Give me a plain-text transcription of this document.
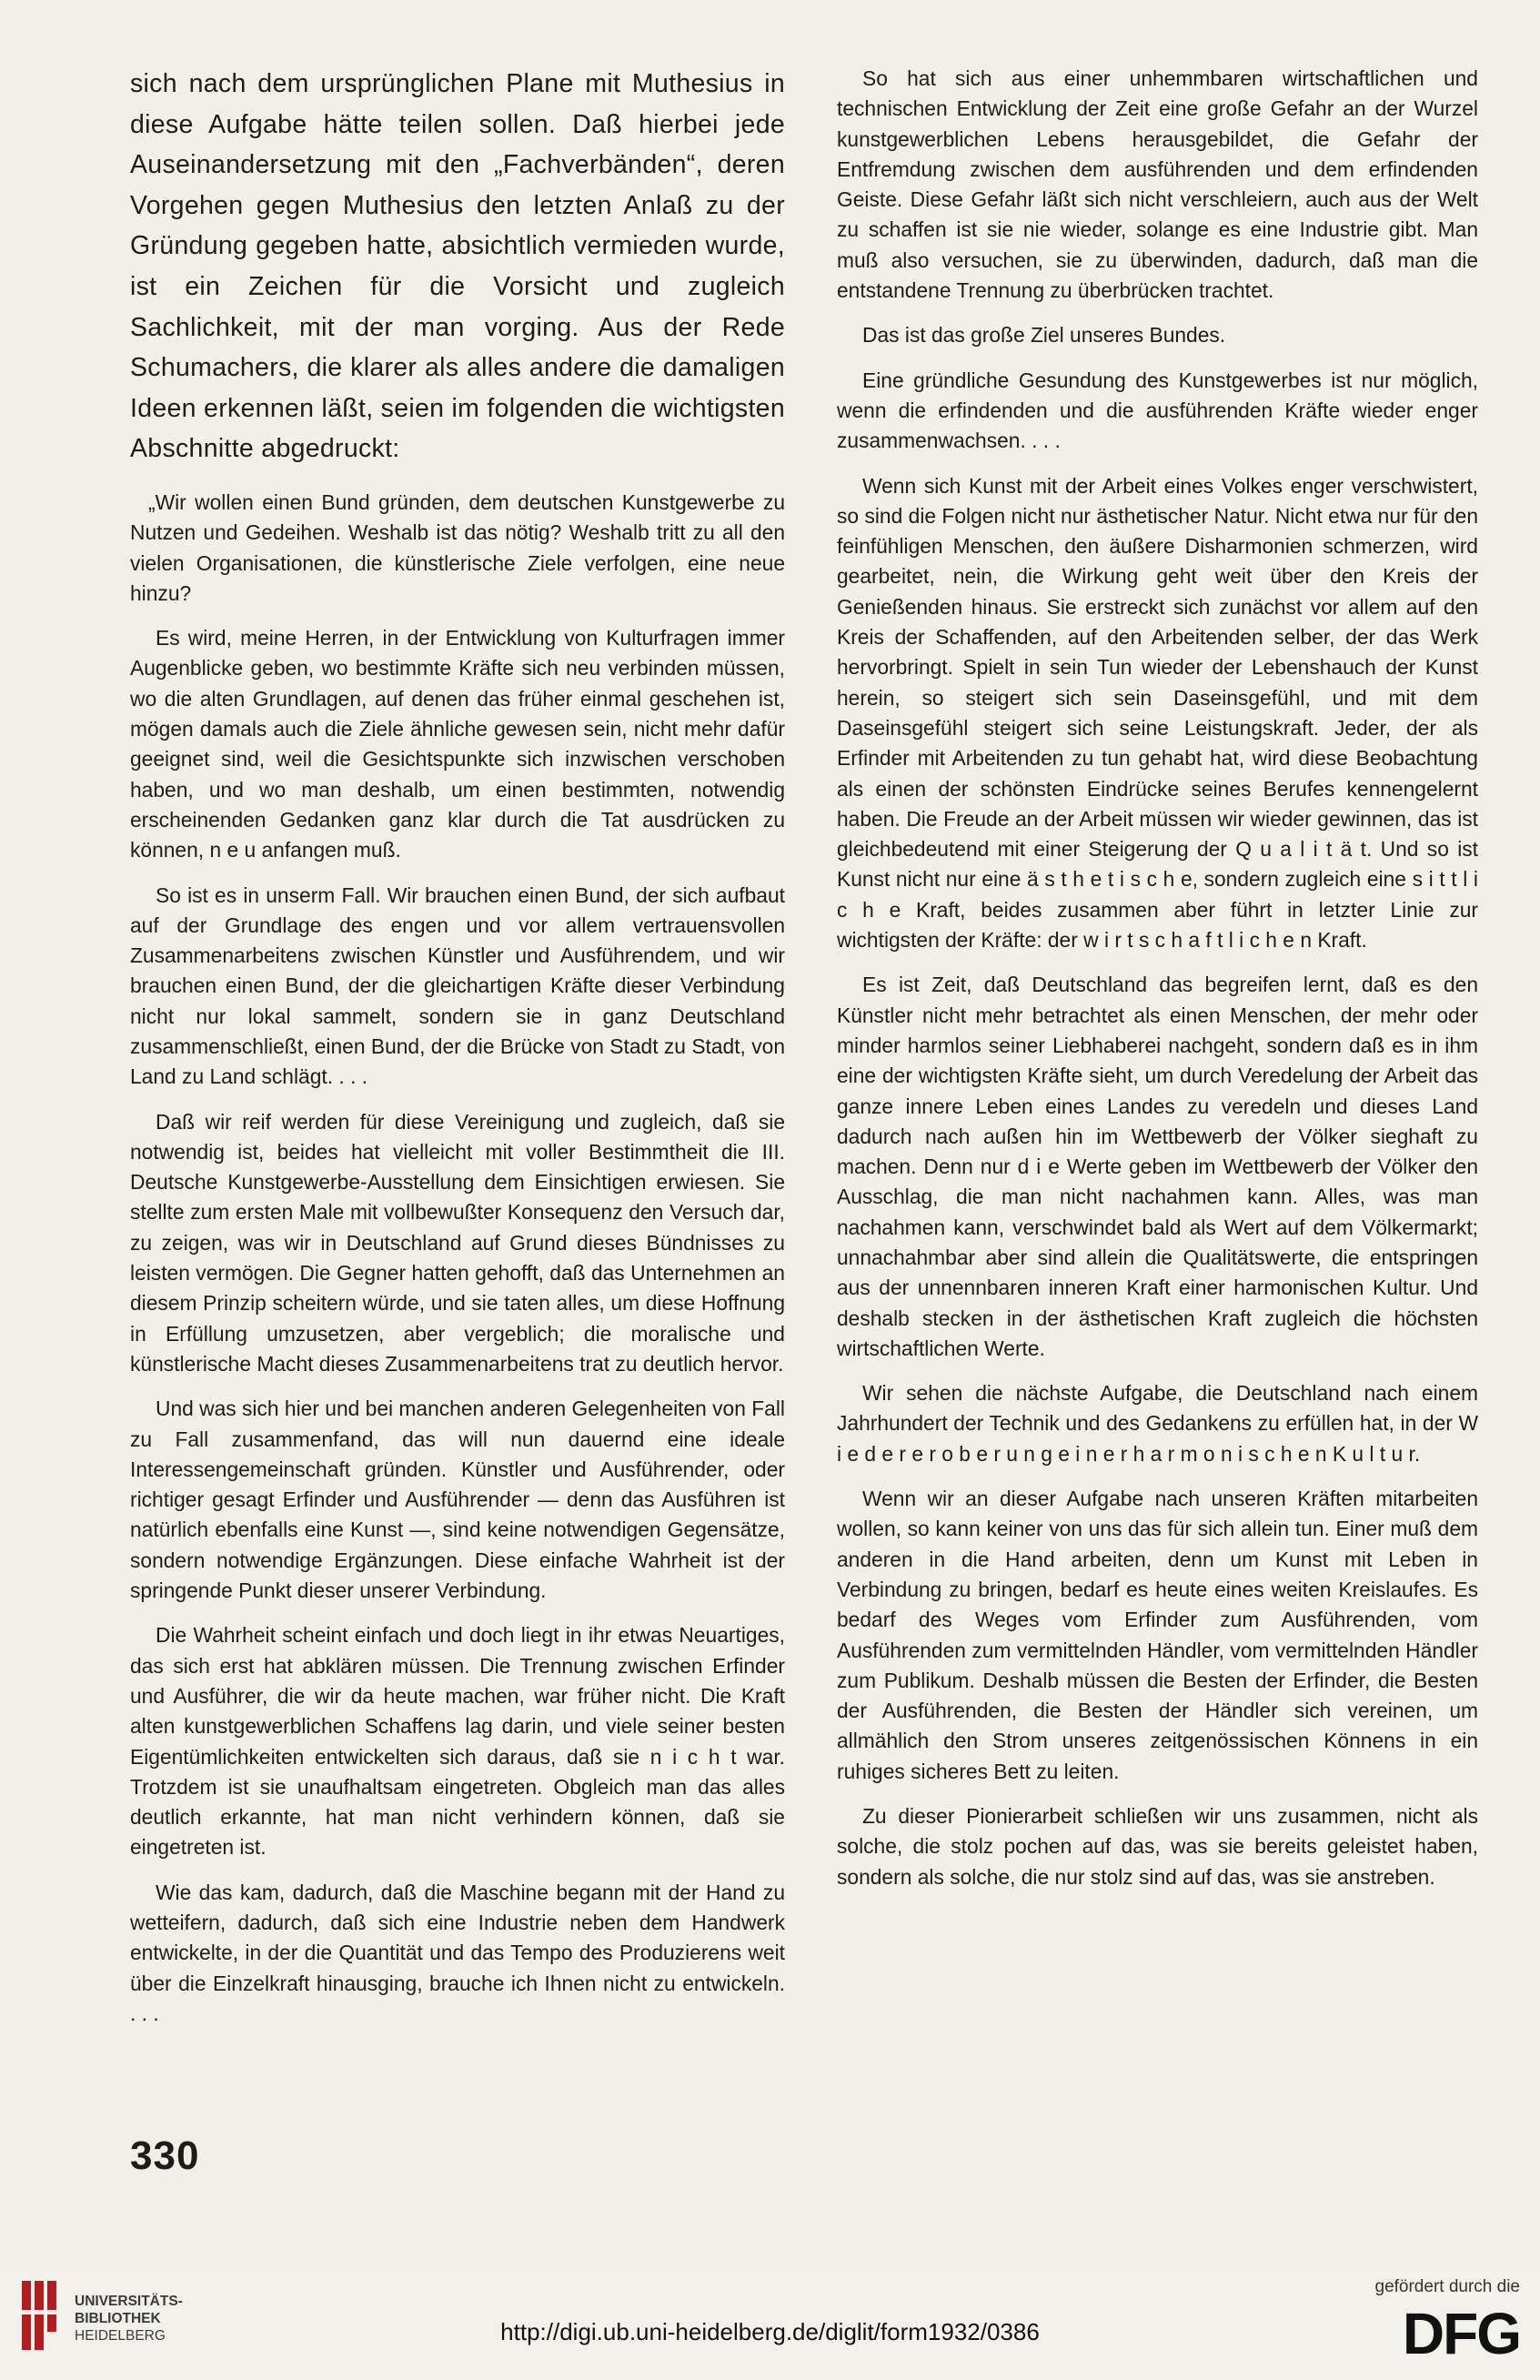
sich nach dem ursprünglichen Plane mit Muthesius in diese Aufgabe hätte teilen sollen. Daß hierbei jede Auseinandersetzung mit den „Fachverbänden“, deren Vorgehen gegen Muthesius den letzten Anlaß zu der Gründung gegeben hatte, absichtlich vermieden wurde, ist ein Zeichen für die Vorsicht und zugleich Sachlichkeit, mit der man vorging. Aus der Rede Schumachers, die klarer als alles andere die damaligen Ideen erkennen läßt, seien im folgenden die wichtigsten Abschnitte abgedruckt:

„Wir wollen einen Bund gründen, dem deutschen Kunstgewerbe zu Nutzen und Gedeihen. Weshalb ist das nötig? Weshalb tritt zu all den vielen Organisationen, die künstlerische Ziele verfolgen, eine neue hinzu?

Es wird, meine Herren, in der Entwicklung von Kulturfragen immer Augenblicke geben, wo bestimmte Kräfte sich neu verbinden müssen, wo die alten Grundlagen, auf denen das früher einmal geschehen ist, mögen damals auch die Ziele ähnliche gewesen sein, nicht mehr dafür geeignet sind, weil die Gesichtspunkte sich inzwischen verschoben haben, und wo man deshalb, um einen bestimmten, notwendig erscheinenden Gedanken ganz klar durch die Tat ausdrücken zu können, n e u anfangen muß.

So ist es in unserm Fall. Wir brauchen einen Bund, der sich aufbaut auf der Grundlage des engen und vor allem vertrauensvollen Zusammenarbeitens zwischen Künstler und Ausführendem, und wir brauchen einen Bund, der die gleichartigen Kräfte dieser Verbindung nicht nur lokal sammelt, sondern sie in ganz Deutschland zusammenschließt, einen Bund, der die Brücke von Stadt zu Stadt, von Land zu Land schlägt. . . .

Daß wir reif werden für diese Vereinigung und zugleich, daß sie notwendig ist, beides hat vielleicht mit voller Bestimmtheit die III. Deutsche Kunstgewerbe-Ausstellung dem Einsichtigen erwiesen. Sie stellte zum ersten Male mit vollbewußter Konsequenz den Versuch dar, zu zeigen, was wir in Deutschland auf Grund dieses Bündnisses zu leisten vermögen. Die Gegner hatten gehofft, daß das Unternehmen an diesem Prinzip scheitern würde, und sie taten alles, um diese Hoffnung in Erfüllung umzusetzen, aber vergeblich; die moralische und künstlerische Macht dieses Zusammenarbeitens trat zu deutlich hervor.

Und was sich hier und bei manchen anderen Gelegenheiten von Fall zu Fall zusammenfand, das will nun dauernd eine ideale Interessengemeinschaft gründen. Künstler und Ausführender, oder richtiger gesagt Erfinder und Ausführender — denn das Ausführen ist natürlich ebenfalls eine Kunst —, sind keine notwendigen Gegensätze, sondern notwendige Ergänzungen. Diese einfache Wahrheit ist der springende Punkt dieser unserer Verbindung.

Die Wahrheit scheint einfach und doch liegt in ihr etwas Neuartiges, das sich erst hat abklären müssen. Die Trennung zwischen Erfinder und Ausführer, die wir da heute machen, war früher nicht. Die Kraft alten kunstgewerblichen Schaffens lag darin, und viele seiner besten Eigentümlichkeiten entwickelten sich daraus, daß sie n i c h t war. Trotzdem ist sie unaufhaltsam eingetreten. Obgleich man das alles deutlich erkannte, hat man nicht verhindern können, daß sie eingetreten ist.

Wie das kam, dadurch, daß die Maschine begann mit der Hand zu wetteifern, dadurch, daß sich eine Industrie neben dem Handwerk entwickelte, in der die Quantität und das Tempo des Produzierens weit über die Einzelkraft hinausging, brauche ich Ihnen nicht zu entwickeln. . . .

So hat sich aus einer unhemmbaren wirtschaftlichen und technischen Entwicklung der Zeit eine große Gefahr an der Wurzel kunstgewerblichen Lebens herausgebildet, die Gefahr der Entfremdung zwischen dem ausführenden und dem erfindenden Geiste. Diese Gefahr läßt sich nicht verschleiern, auch aus der Welt zu schaffen ist sie nie wieder, solange es eine Industrie gibt. Man muß also versuchen, sie zu überwinden, dadurch, daß man die entstandene Trennung zu überbrücken trachtet.

Das ist das große Ziel unseres Bundes.

Eine gründliche Gesundung des Kunstgewerbes ist nur möglich, wenn die erfindenden und die ausführenden Kräfte wieder enger zusammenwachsen. . . .

Wenn sich Kunst mit der Arbeit eines Volkes enger verschwistert, so sind die Folgen nicht nur ästhetischer Natur. Nicht etwa nur für den feinfühligen Menschen, den äußere Disharmonien schmerzen, wird gearbeitet, nein, die Wirkung geht weit über den Kreis der Genießenden hinaus. Sie erstreckt sich zunächst vor allem auf den Kreis der Schaffenden, auf den Arbeitenden selber, der das Werk hervorbringt. Spielt in sein Tun wieder der Lebenshauch der Kunst herein, so steigert sich sein Daseinsgefühl, und mit dem Daseinsgefühl steigert sich seine Leistungskraft. Jeder, der als Erfinder mit Arbeitenden zu tun gehabt hat, wird diese Beobachtung als einen der schönsten Eindrücke seines Berufes kennengelernt haben. Die Freude an der Arbeit müssen wir wieder gewinnen, das ist gleichbedeutend mit einer Steigerung der Q u a l i t ä t. Und so ist Kunst nicht nur eine ä s t h e t i s c h e, sondern zugleich eine s i t t l i c h e Kraft, beides zusammen aber führt in letzter Linie zur wichtigsten der Kräfte: der w i r t s c h a f t l i c h e n Kraft.

Es ist Zeit, daß Deutschland das begreifen lernt, daß es den Künstler nicht mehr betrachtet als einen Menschen, der mehr oder minder harmlos seiner Liebhaberei nachgeht, sondern daß es in ihm eine der wichtigsten Kräfte sieht, um durch Veredelung der Arbeit das ganze innere Leben eines Landes zu veredeln und dieses Land dadurch nach außen hin im Wettbewerb der Völker sieghaft zu machen. Denn nur d i e Werte geben im Wettbewerb der Völker den Ausschlag, die man nicht nachahmen kann. Alles, was man nachahmen kann, verschwindet bald als Wert auf dem Völkermarkt; unnachahmbar aber sind allein die Qualitätswerte, die entspringen aus der unnennbaren inneren Kraft einer harmonischen Kultur. Und deshalb stecken in der ästhetischen Kraft zugleich die höchsten wirtschaftlichen Werte.

Wir sehen die nächste Aufgabe, die Deutschland nach einem Jahrhundert der Technik und des Gedankens zu erfüllen hat, in der W i e d e r e r o b e r u n g e i n e r h a r m o n i s c h e n K u l t u r.

Wenn wir an dieser Aufgabe nach unseren Kräften mitarbeiten wollen, so kann keiner von uns das für sich allein tun. Einer muß dem anderen in die Hand arbeiten, denn um Kunst mit Leben in Verbindung zu bringen, bedarf es heute eines weiten Kreislaufes. Es bedarf des Weges vom Erfinder zum Ausführenden, vom Ausführenden zum vermittelnden Händler, vom vermittelnden Händler zum Publikum. Deshalb müssen die Besten der Erfinder, die Besten der Ausführenden, die Besten der Händler sich vereinen, um allmählich den Strom unseres zeitgenössischen Könnens in ein ruhiges sicheres Bett zu leiten.

Zu dieser Pionierarbeit schließen wir uns zusammen, nicht als solche, die stolz pochen auf das, was sie bereits geleistet haben, sondern als solche, die nur stolz sind auf das, was sie anstreben.

330
UNIVERSITÄTS-
BIBLIOTHEK
HEIDELBERG	http://digi.ub.uni-heidelberg.de/diglit/form1932/0386
gefördert durch die
DFG
